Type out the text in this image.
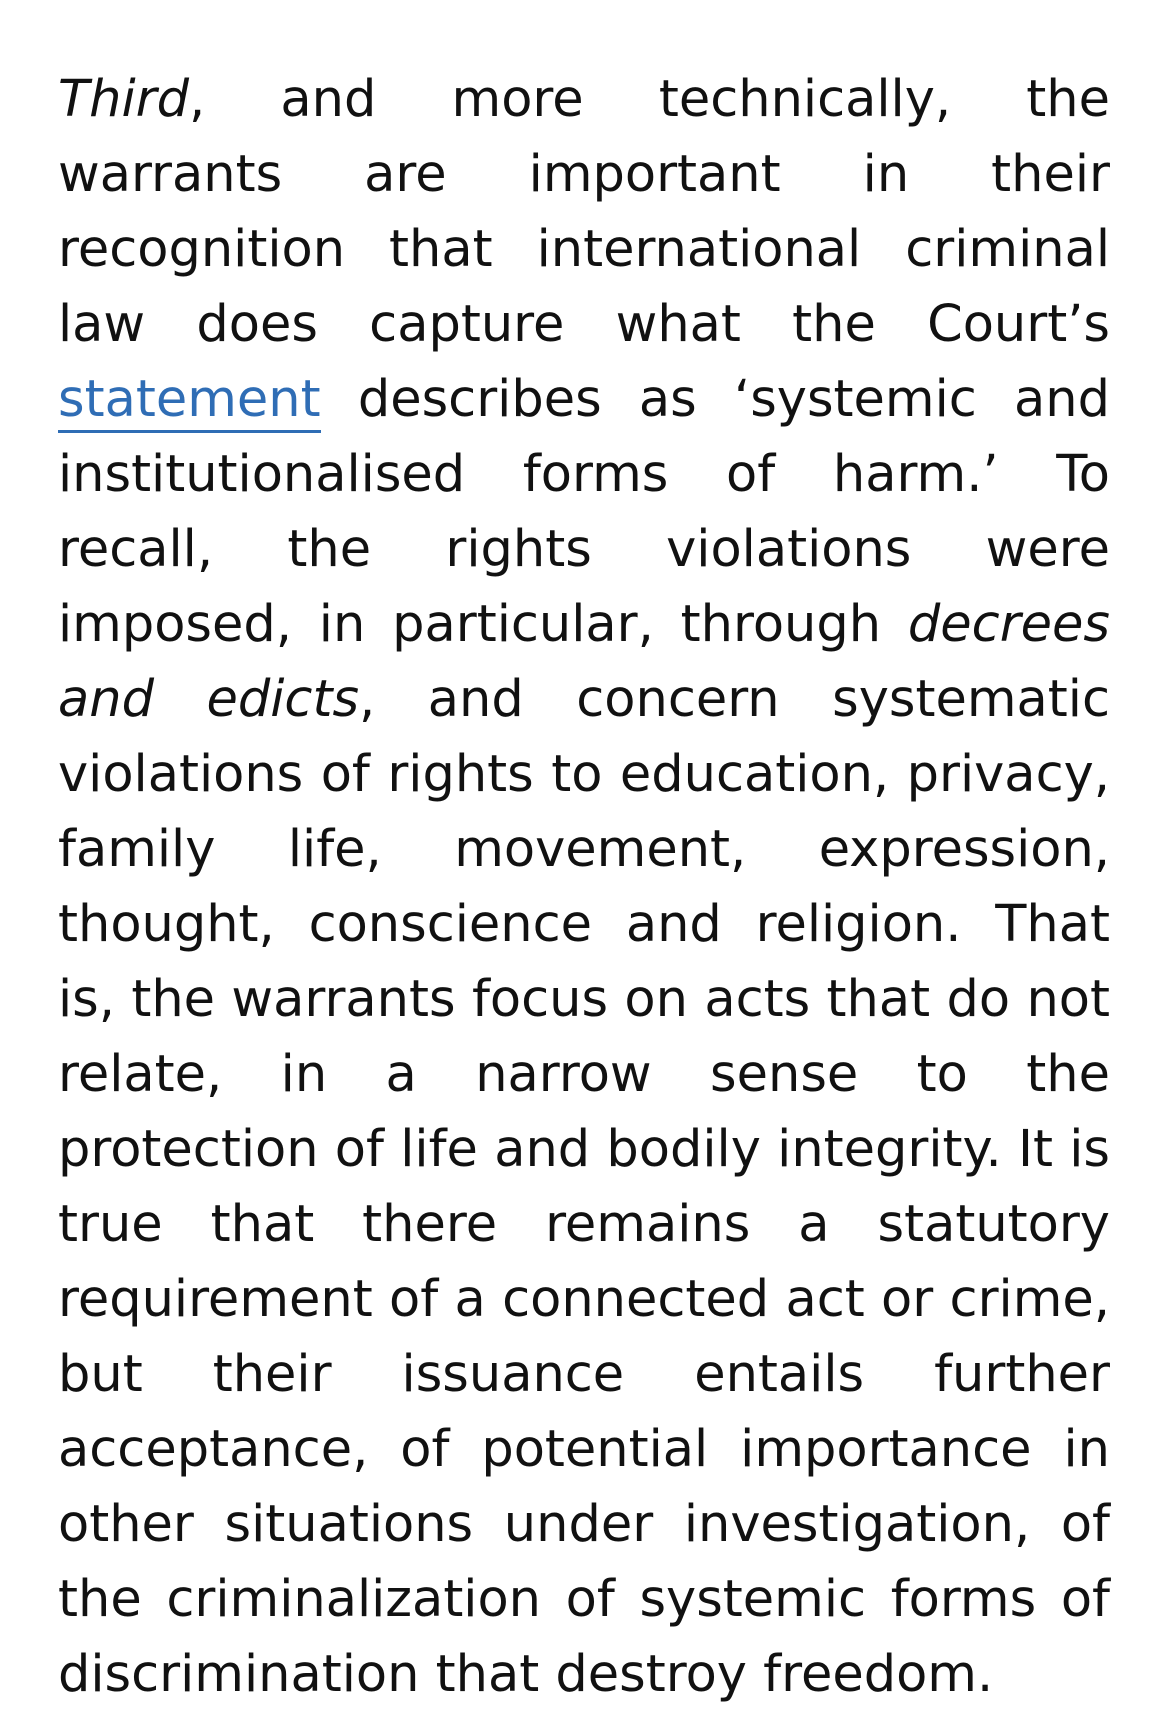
Third, and more technically, the warrants are important in their recognition that international criminal law does capture what the Court’s statement describes as ‘systemic and institutionalised forms of harm.’ To recall, the rights violations were imposed, in particular, through decrees and edicts, and concern systematic violations of rights to education, privacy, family life, movement, expression, thought, conscience and religion. That is, the warrants focus on acts that do not relate, in a narrow sense to the protection of life and bodily integrity. It is true that there remains a statutory requirement of a connected act or crime, but their issuance entails further acceptance, of potential importance in other situations under investigation, of the criminalization of systemic forms of discrimination that destroy freedom.
